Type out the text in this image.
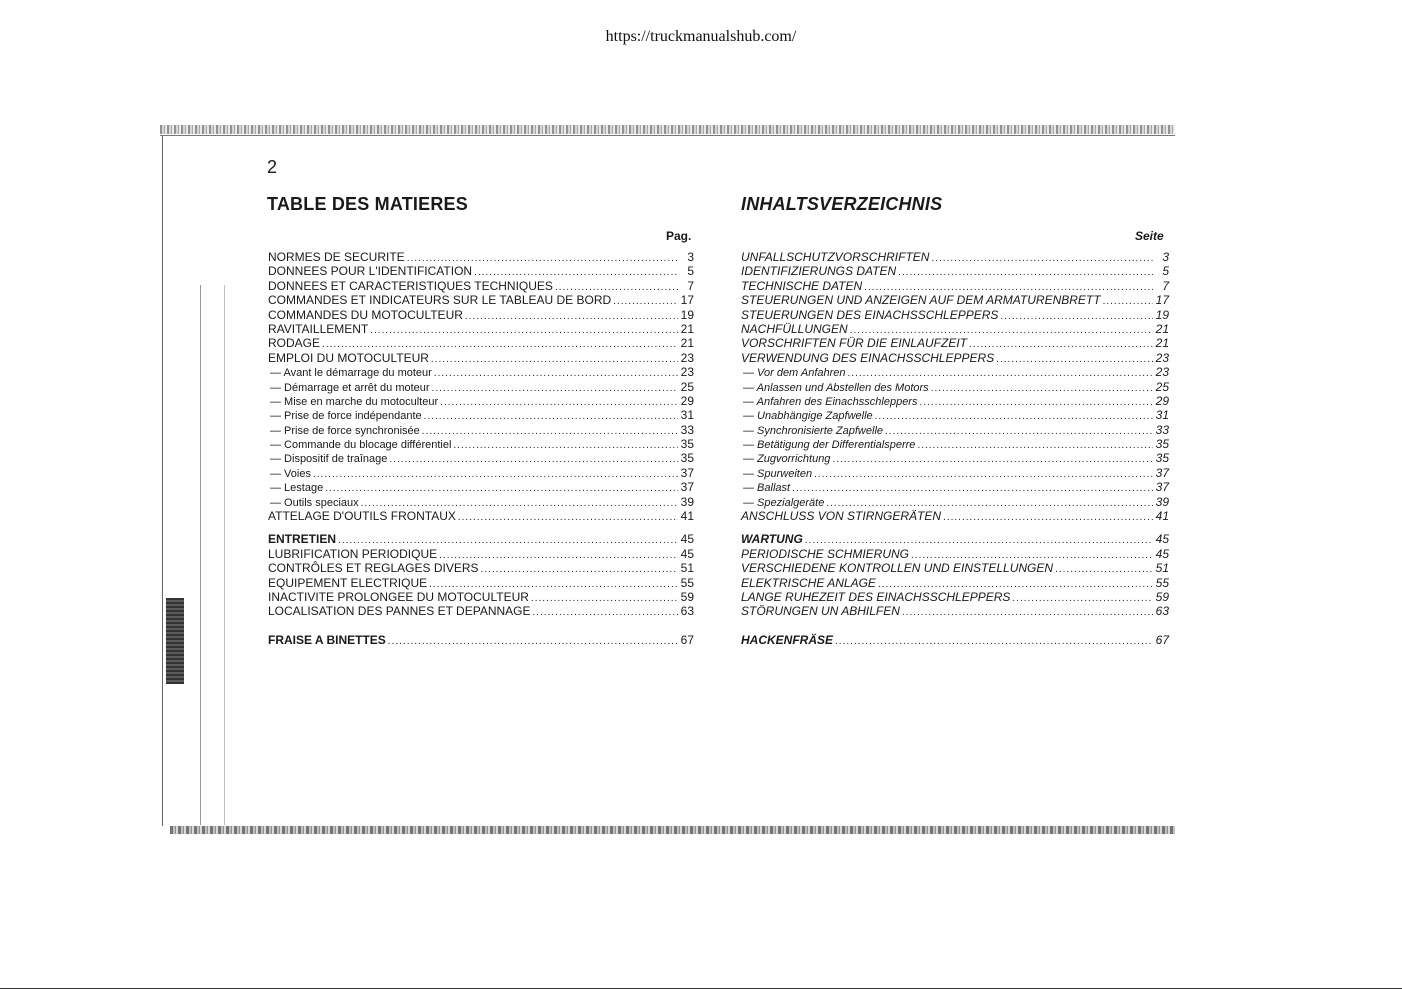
https://truckmanualshub.com/
2
TABLE DES MATIERES	INHALTSVERZEICHNIS
Pag.	Seite
NORMES DE SECURITE .....	3
DONNEES POUR L'IDENTIFICATION .....	5
DONNEES ET CARACTERISTIQUES TECHNIQUES .....	7
COMMANDES ET INDICATEURS SUR LE TABLEAU DE BORD .....	17
COMMANDES DU MOTOCULTEUR .....	19
RAVITAILLEMENT .....	21
RODAGE .....	21
EMPLOI DU MOTOCULTEUR .....	23
— Avant le démarrage du moteur .....	23
— Démarrage et arrêt du moteur .....	25
— Mise en marche du motoculteur .....	29
— Prise de force indépendante .....	31
— Prise de force synchronisée .....	33
— Commande du blocage différentiel .....	35
— Dispositif de traînage .....	35
— Voies .....	37
— Lestage .....	37
— Outils speciaux .....	39
ATTELAGE D'OUTILS FRONTAUX .....	41
ENTRETIEN .....	45
LUBRIFICATION PERIODIQUE .....	45
CONTRÔLES ET REGLAGES DIVERS .....	51
EQUIPEMENT ELECTRIQUE .....	55
INACTIVITE PROLONGEE DU MOTOCULTEUR .....	59
LOCALISATION DES PANNES ET DEPANNAGE .....	63
FRAISE A BINETTES .....	67
UNFALLSCHUTZVORSCHRIFTEN .....	3
IDENTIFIZIERUNGS DATEN .....	5
TECHNISCHE DATEN .....	7
STEUERUNGEN UND ANZEIGEN AUF DEM ARMATURENBRETT .....	17
STEUERUNGEN DES EINACHSSCHLEPPERS .....	19
NACHFÜLLUNGEN .....	21
VORSCHRIFTEN FÜR DIE EINLAUFZEIT .....	21
VERWENDUNG DES EINACHSSCHLEPPERS .....	23
— Vor dem Anfahren .....	23
— Anlassen und Abstellen des Motors .....	25
— Anfahren des Einachsschleppers .....	29
— Unabhängige Zapfwelle .....	31
— Synchronisierte Zapfwelle .....	33
— Betätigung der Differentialsperre .....	35
— Zugvorrichtung .....	35
— Spurweiten .....	37
— Ballast .....	37
— Spezialgeräte .....	39
ANSCHLUSS VON STIRNGERÄTEN .....	41
WARTUNG .....	45
PERIODISCHE SCHMIERUNG .....	45
VERSCHIEDENE KONTROLLEN UND EINSTELLUNGEN .....	51
ELEKTRISCHE ANLAGE .....	55
LANGE RUHEZEIT DES EINACHSSCHLEPPERS .....	59
STÖRUNGEN UN ABHILFEN .....	63
HACKENFRÄSE .....	67
